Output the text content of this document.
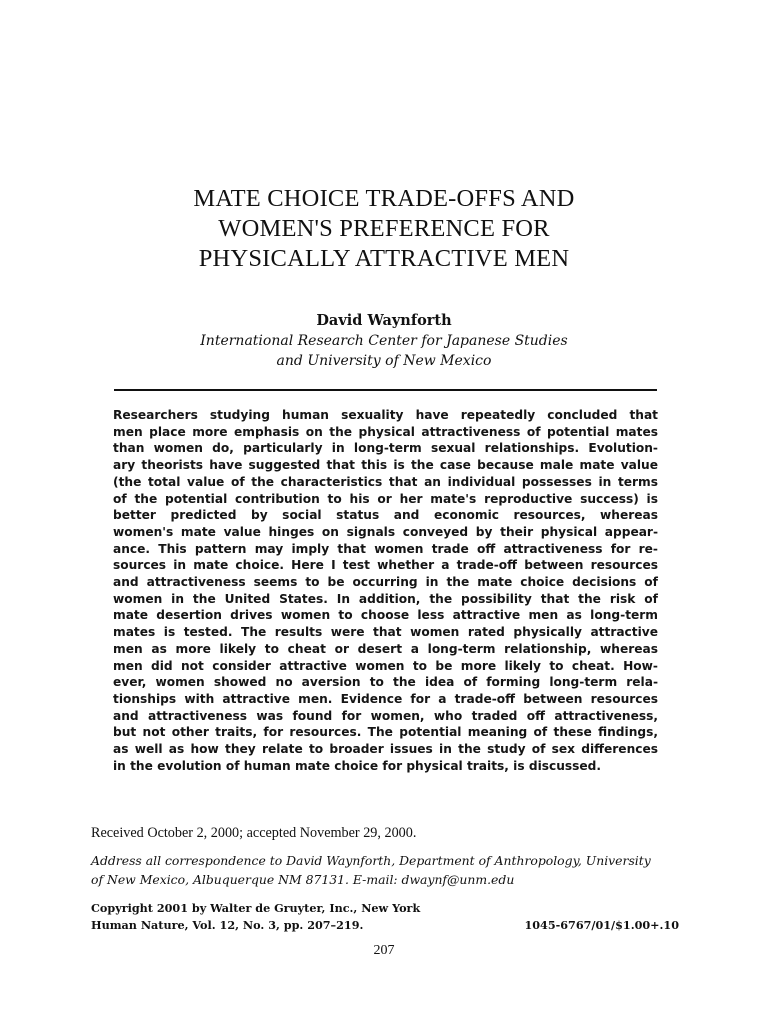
MATE CHOICE TRADE-OFFS AND
WOMEN'S PREFERENCE FOR
PHYSICALLY ATTRACTIVE MEN
David Waynforth
International Research Center for Japanese Studies
and University of New Mexico
Researchers studying human sexuality have repeatedly concluded that
men place more emphasis on the physical attractiveness of potential mates
than women do, particularly in long-term sexual relationships. Evolution-
ary theorists have suggested that this is the case because male mate value
(the total value of the characteristics that an individual possesses in terms
of the potential contribution to his or her mate's reproductive success) is
better predicted by social status and economic resources, whereas
women's mate value hinges on signals conveyed by their physical appear-
ance. This pattern may imply that women trade off attractiveness for re-
sources in mate choice. Here I test whether a trade-off between resources
and attractiveness seems to be occurring in the mate choice decisions of
women in the United States. In addition, the possibility that the risk of
mate desertion drives women to choose less attractive men as long-term
mates is tested. The results were that women rated physically attractive
men as more likely to cheat or desert a long-term relationship, whereas
men did not consider attractive women to be more likely to cheat. How-
ever, women showed no aversion to the idea of forming long-term rela-
tionships with attractive men. Evidence for a trade-off between resources
and attractiveness was found for women, who traded off attractiveness,
but not other traits, for resources. The potential meaning of these findings,
as well as how they relate to broader issues in the study of sex differences
in the evolution of human mate choice for physical traits, is discussed.
Received October 2, 2000; accepted November 29, 2000.
Address all correspondence to David Waynforth, Department of Anthropology, University
of New Mexico, Albuquerque NM 87131. E-mail: dwaynf@unm.edu
Copyright 2001 by Walter de Gruyter, Inc., New York
Human Nature, Vol. 12, No. 3, pp. 207–219.	1045-6767/01/$1.00+.10
207
